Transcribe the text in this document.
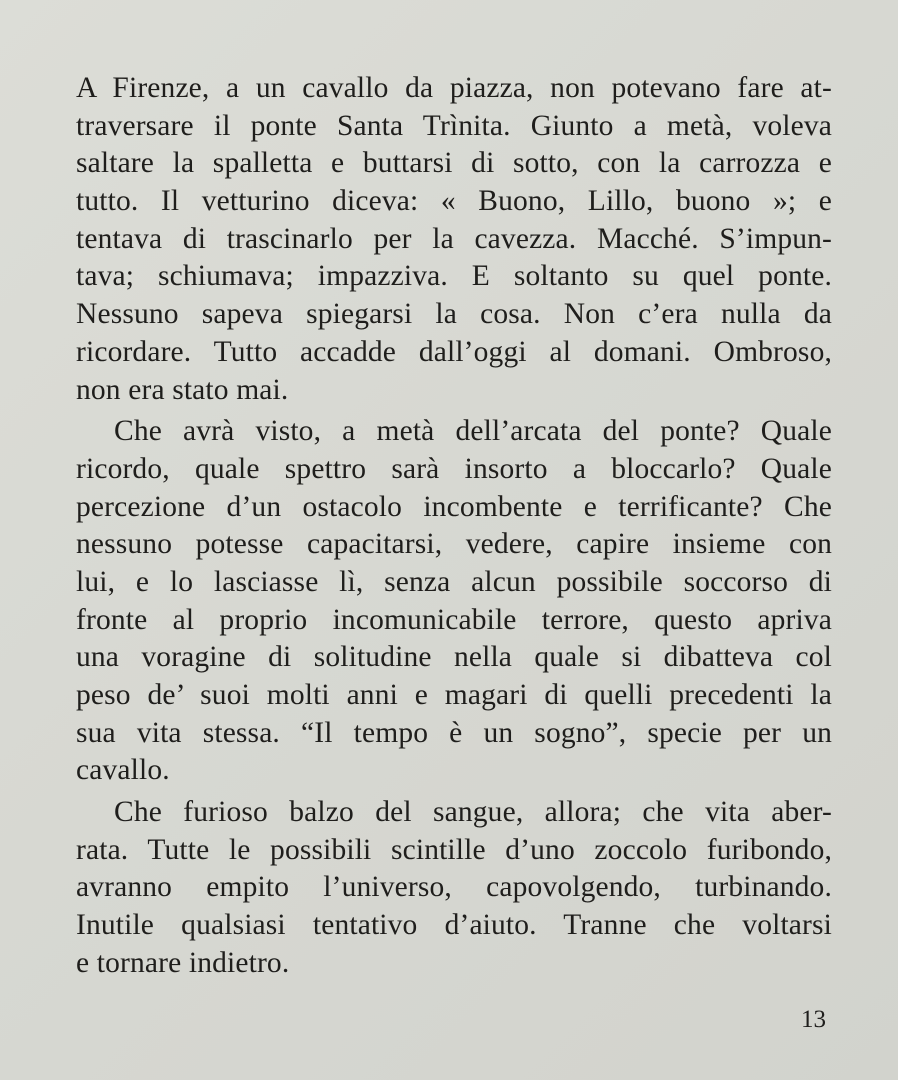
A Firenze, a un cavallo da piazza, non potevano fare at-
traversare il ponte Santa Trìnita. Giunto a metà, voleva
saltare la spalletta e buttarsi di sotto, con la carrozza e
tutto. Il vetturino diceva: « Buono, Lillo, buono »; e
tentava di trascinarlo per la cavezza. Macché. S’impun-
tava; schiumava; impazziva. E soltanto su quel ponte.
Nessuno sapeva spiegarsi la cosa. Non c’era nulla da
ricordare. Tutto accadde dall’oggi al domani. Ombroso,
non era stato mai.
Che avrà visto, a metà dell’arcata del ponte? Quale
ricordo, quale spettro sarà insorto a bloccarlo? Quale
percezione d’un ostacolo incombente e terrificante? Che
nessuno potesse capacitarsi, vedere, capire insieme con
lui, e lo lasciasse lì, senza alcun possibile soccorso di
fronte al proprio incomunicabile terrore, questo apriva
una voragine di solitudine nella quale si dibatteva col
peso de’ suoi molti anni e magari di quelli precedenti la
sua vita stessa. “Il tempo è un sogno”, specie per un
cavallo.
Che furioso balzo del sangue, allora; che vita aber-
rata. Tutte le possibili scintille d’uno zoccolo furibondo,
avranno empito l’universo, capovolgendo, turbinando.
Inutile qualsiasi tentativo d’aiuto. Tranne che voltarsi
e tornare indietro.
13
